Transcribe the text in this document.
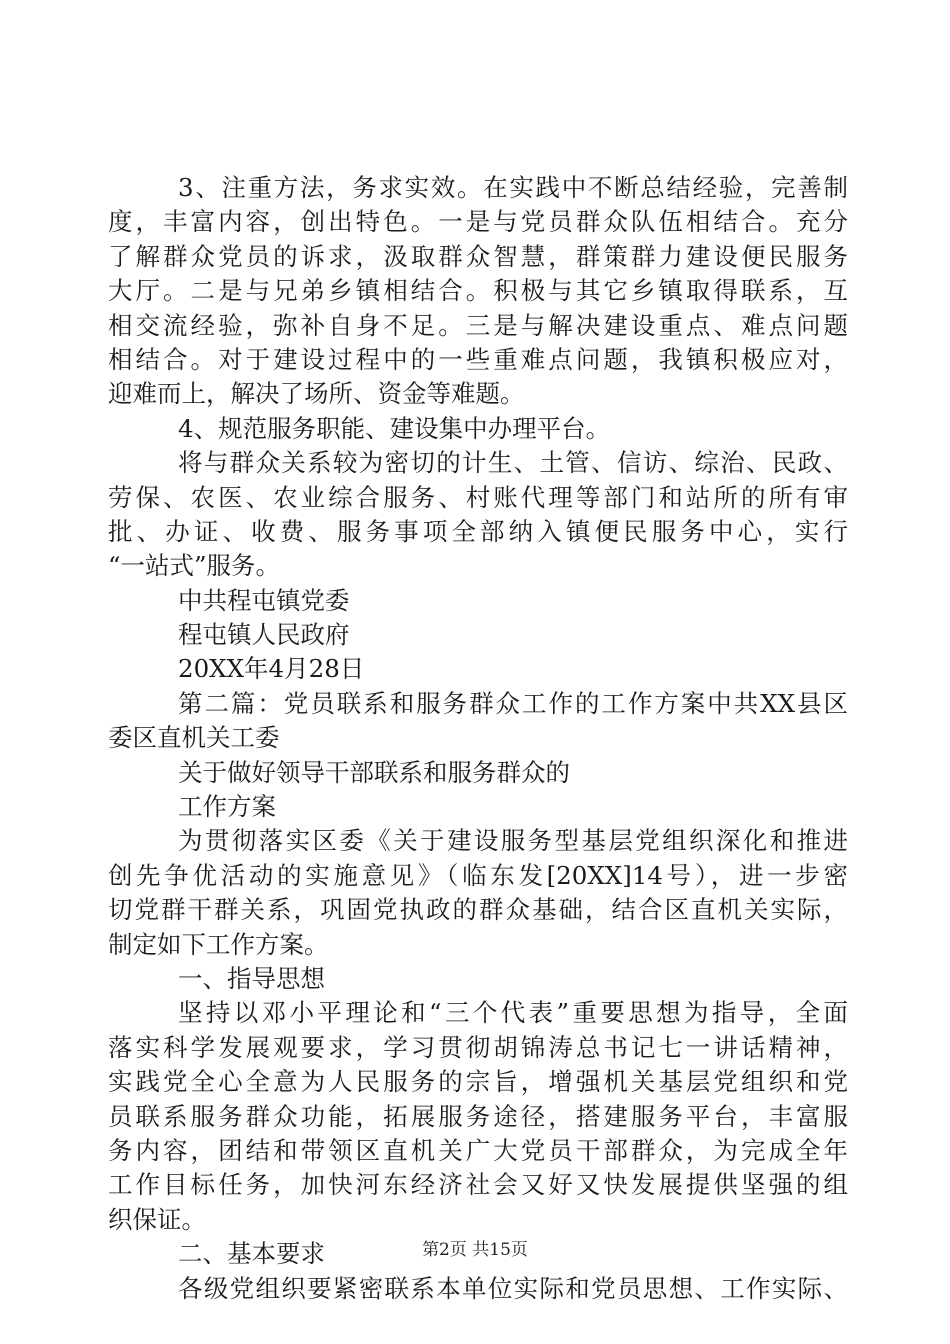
3、注重方法，务求实效。在实践中不断总结经验，完善制
度，丰富内容，创出特色。一是与党员群众队伍相结合。充分
了解群众党员的诉求，汲取群众智慧，群策群力建设便民服务
大厅。二是与兄弟乡镇相结合。积极与其它乡镇取得联系，互
相交流经验，弥补自身不足。三是与解决建设重点、难点问题
相结合。对于建设过程中的一些重难点问题，我镇积极应对，
迎难而上，解决了场所、资金等难题。
4、规范服务职能、建设集中办理平台。
将与群众关系较为密切的计生、土管、信访、综治、民政、
劳保、农医、农业综合服务、村账代理等部门和站所的所有审
批、办证、收费、服务事项全部纳入镇便民服务中心，实行
“一站式”服务。
中共程屯镇党委
程屯镇人民政府
20XX年4月28日
第二篇：党员联系和服务群众工作的工作方案中共XX县区
委区直机关工委
关于做好领导干部联系和服务群众的
工作方案
为贯彻落实区委《关于建设服务型基层党组织深化和推进
创先争优活动的实施意见》（临东发[20XX]14号），进一步密
切党群干群关系，巩固党执政的群众基础，结合区直机关实际，
制定如下工作方案。
一、指导思想
坚持以邓小平理论和“三个代表”重要思想为指导，全面
落实科学发展观要求，学习贯彻胡锦涛总书记七一讲话精神，
实践党全心全意为人民服务的宗旨，增强机关基层党组织和党
员联系服务群众功能，拓展服务途径，搭建服务平台，丰富服
务内容，团结和带领区直机关广大党员干部群众，为完成全年
工作目标任务，加快河东经济社会又好又快发展提供坚强的组
织保证。
二、基本要求
各级党组织要紧密联系本单位实际和党员思想、工作实际、
第2页 共15页
